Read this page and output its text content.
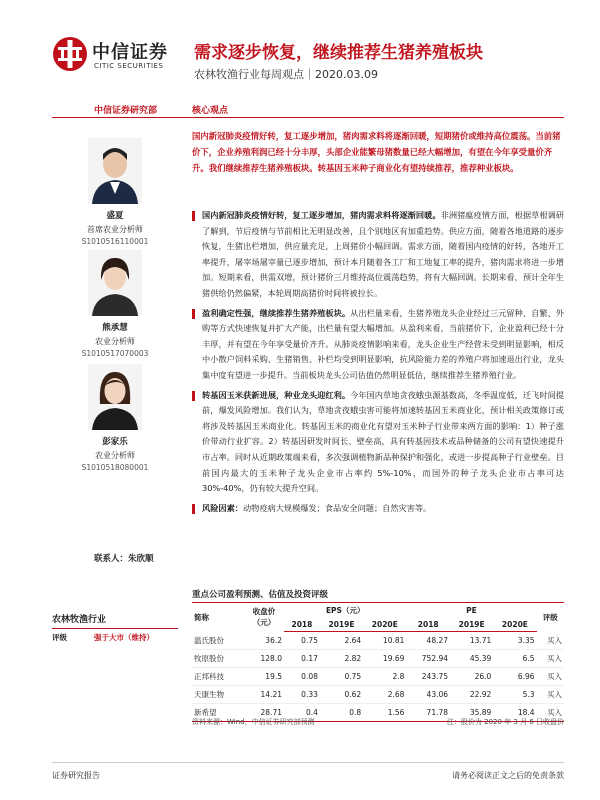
中信证券
CITIC SECURITIES
需求逐步恢复，继续推荐生猪养殖板块
农林牧渔行业每周观点｜2020.03.09
中信证券研究部	核心观点
国内新冠肺炎疫情好转，复工逐步增加，猪肉需求料将逐渐回暖，短期猪价或维持高位震荡。当前猪价下，企业养殖利润已经十分丰厚，头部企业能繁母猪数量已经大幅增加，有望在今年享受量价齐升。我们继续推荐生猪养殖板块。转基因玉米种子商业化有望持续推荐，推荐种业板块。
盛夏
首席农业分析师
S1010516110001
熊承慧
农业分析师
S1010517070003
彭家乐
农业分析师
S1010518080001
联系人：朱欣顺
国内新冠肺炎疫情好转，复工逐步增加，猪肉需求料将逐渐回暖。非洲猪瘟疫情方面，根据草根调研了解到，节后疫情与节前相比无明显改善，且个别地区有加重趋势。供应方面，随着各地道路的逐步恢复，生猪出栏增加，供应量充足，上周猪价小幅回调。需求方面，随着国内疫情的好转，各地开工率提升，屠宰场屠宰量已逐步增加，预计本月随着各工厂和工地复工率的提升，猪肉需求将进一步增加。短期来看，供需双增，预计猪价三月维持高位震荡趋势，将有大幅回调。长期来看，预计全年生猪供给仍然偏紧，本轮周期高猪价时间将被拉长。
盈利确定性强，继续推荐生猪养殖板块。从出栏量来看，生猪养殖龙头企业经过三元留种、自繁、外购等方式快速恢复并扩大产能，出栏量有望大幅增加。从盈利来看，当前猪价下，企业盈利已经十分丰厚，并有望在今年享受量价齐升。从肺炎疫情影响来看，龙头企业生产经营未受到明显影响，相反中小散户饲料采购、生猪销售、补栏均受到明显影响，抗风险能力差的养殖户将加速退出行业，龙头集中度有望进一步提升。当前板块龙头公司估值仍然明显低估，继续推荐生猪养殖行业。
转基因玉米获新进展，种业龙头迎红利。今年国内草地贪夜蛾虫源基数高，冬季温度低，迁飞时间提前，爆发风险增加。我们认为，草地贪夜蛾虫害可能将加速转基因玉米商业化，预计相关政策修订或将涉及转基因玉米商业化。转基因玉米的商业化有望对玉米种子行业带来两方面的影响：1）种子涨价带动行业扩容。2）转基因研发时间长、壁垒高，具有转基因技术或品种储备的公司有望快速提升市占率。同时从近期政策端来看，多次强调植物新品种保护和强化，或进一步提高种子行业壁垒。目前国内最大的玉米种子龙头企业市占率约 5%-10%，而国外的种子龙头企业市占率可达 30%-40%，仍有较大提升空间。
风险因素：动物疫病大规模爆发；食品安全问题；自然灾害等。
农林牧渔行业
评级	强于大市（维持）
重点公司盈利预测、估值及投资评级
简称	收盘价（元）	EPS（元）			PE			评级
		2018	2019E	2020E	2018	2019E	2020E	
温氏股份	36.2	0.75	2.64	10.81	48.27	13.71	3.35	买入
牧原股份	128.0	0.17	2.82	19.69	752.94	45.39	6.5	买入
正邦科技	19.5	0.08	0.75	2.8	243.75	26.0	6.96	买入
天康生物	14.21	0.33	0.62	2.68	43.06	22.92	5.3	买入
新希望	28.71	0.4	0.8	1.56	71.78	35.89	18.4	买入
资料来源：Wind，中信证券研究部预测	注：股价为 2020 年 3 月 6 日收盘价
证券研究报告	请务必阅读正文之后的免责条款
